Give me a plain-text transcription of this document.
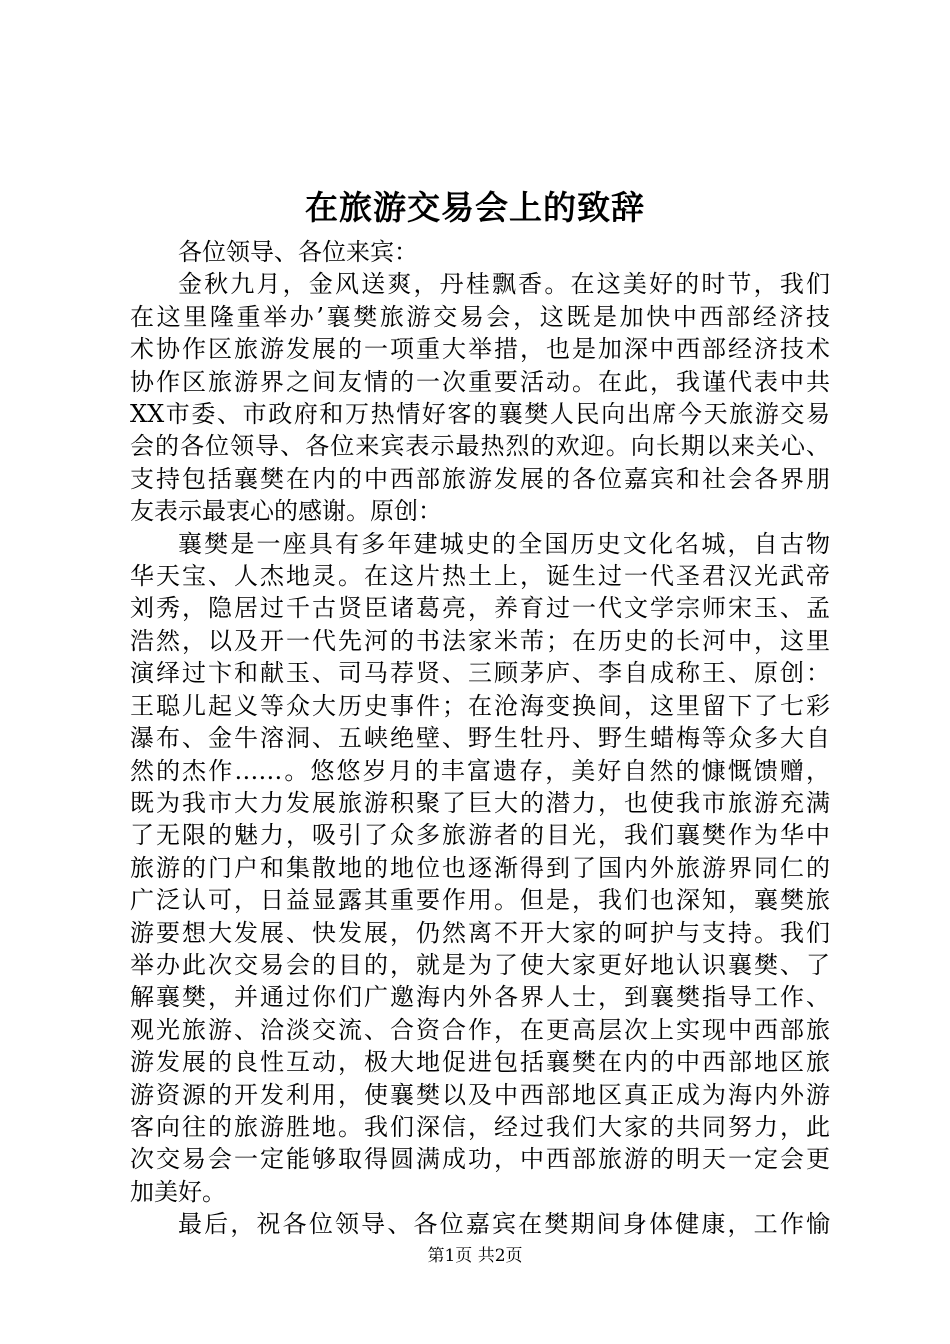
在旅游交易会上的致辞
各位领导、各位来宾：
金秋九月，金风送爽，丹桂飘香。在这美好的时节，我们
在这里隆重举办’襄樊旅游交易会，这既是加快中西部经济技
术协作区旅游发展的一项重大举措，也是加深中西部经济技术
协作区旅游界之间友情的一次重要活动。在此，我谨代表中共
XX市委、市政府和万热情好客的襄樊人民向出席今天旅游交易
会的各位领导、各位来宾表示最热烈的欢迎。向长期以来关心、
支持包括襄樊在内的中西部旅游发展的各位嘉宾和社会各界朋
友表示最衷心的感谢。原创：
襄樊是一座具有多年建城史的全国历史文化名城，自古物
华天宝、人杰地灵。在这片热土上，诞生过一代圣君汉光武帝
刘秀，隐居过千古贤臣诸葛亮，养育过一代文学宗师宋玉、孟
浩然，以及开一代先河的书法家米芾；在历史的长河中，这里
演绎过卞和献玉、司马荐贤、三顾茅庐、李自成称王、原创：
王聪儿起义等众大历史事件；在沧海变换间，这里留下了七彩
瀑布、金牛溶洞、五峡绝壁、野生牡丹、野生蜡梅等众多大自
然的杰作……。悠悠岁月的丰富遗存，美好自然的慷慨馈赠，
既为我市大力发展旅游积聚了巨大的潜力，也使我市旅游充满
了无限的魅力，吸引了众多旅游者的目光，我们襄樊作为华中
旅游的门户和集散地的地位也逐渐得到了国内外旅游界同仁的
广泛认可，日益显露其重要作用。但是，我们也深知，襄樊旅
游要想大发展、快发展，仍然离不开大家的呵护与支持。我们
举办此次交易会的目的，就是为了使大家更好地认识襄樊、了
解襄樊，并通过你们广邀海内外各界人士，到襄樊指导工作、
观光旅游、洽淡交流、合资合作，在更高层次上实现中西部旅
游发展的良性互动，极大地促进包括襄樊在内的中西部地区旅
游资源的开发利用，使襄樊以及中西部地区真正成为海内外游
客向往的旅游胜地。我们深信，经过我们大家的共同努力，此
次交易会一定能够取得圆满成功，中西部旅游的明天一定会更
加美好。
最后，祝各位领导、各位嘉宾在樊期间身体健康，工作愉
第1页 共2页
